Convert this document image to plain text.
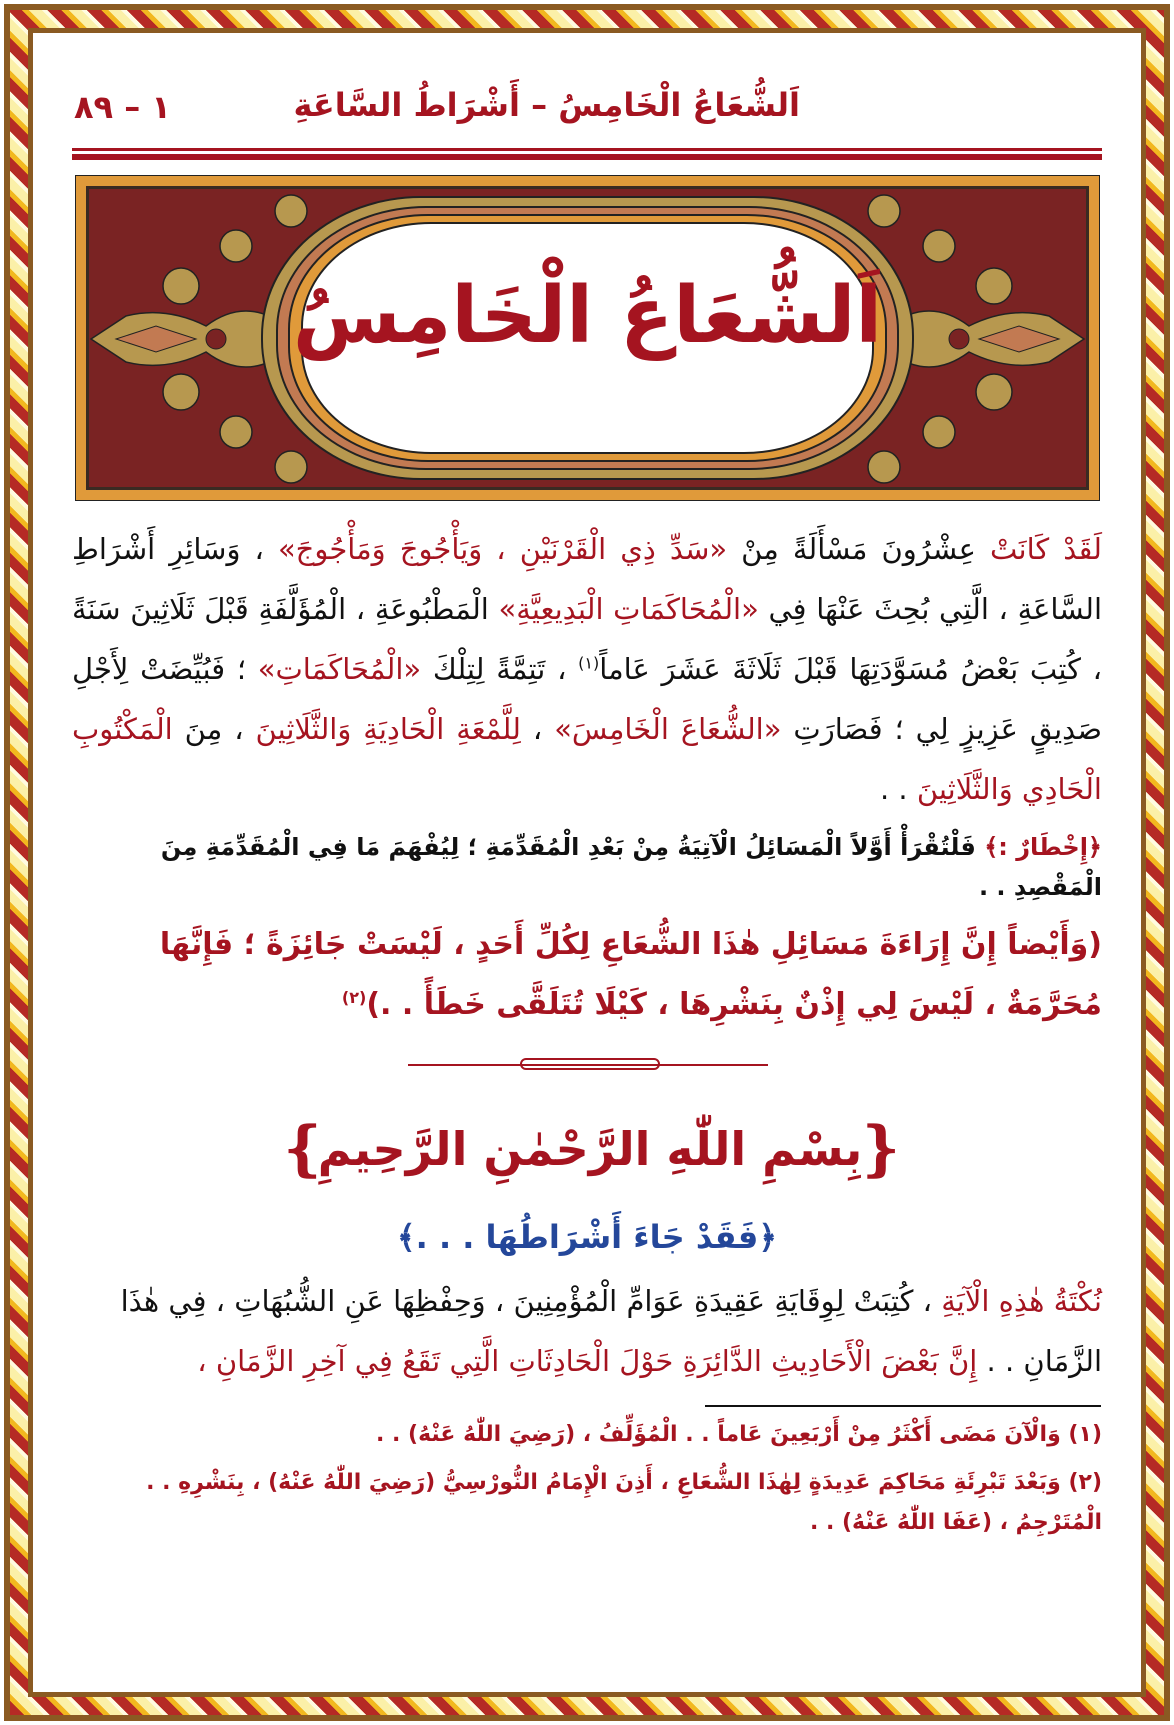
اَلشُّعَاعُ الْخَامِسُ – أَشْرَاطُ السَّاعَةِ
١ – ٨٩
اَلشُّعَاعُ الْخَامِسُ
لَقَدْ كَانَتْ عِشْرُونَ مَسْأَلَةً مِنْ «سَدِّ ذِي الْقَرْنَيْنِ ، وَيَأْجُوجَ وَمَأْجُوجَ» ، وَسَائِرِ أَشْرَاطِ السَّاعَةِ ، الَّتِي بُحِثَ عَنْهَا فِي «الْمُحَاكَمَاتِ الْبَدِيعِيَّةِ» الْمَطْبُوعَةِ ، الْمُؤَلَّفَةِ قَبْلَ ثَلَاثِينَ سَنَةً ، كُتِبَ بَعْضُ مُسَوَّدَتِهَا قَبْلَ ثَلَاثَةَ عَشَرَ عَاماً$^{(١)}$ ، تَتِمَّةً لِتِلْكَ «الْمُحَاكَمَاتِ» ؛ فَبُيِّضَتْ لِأَجْلِ صَدِيقٍ عَزِيزٍ لِي ؛ فَصَارَتِ «الشُّعَاعَ الْخَامِسَ» ، لِلَّمْعَةِ الْحَادِيَةِ وَالثَّلَاثِينَ ، مِنَ الْمَكْتُوبِ الْحَادِي وَالثَّلَاثِينَ . .
﴿إِخْطَارٌ :﴾ فَلْتُقْرَأْ أَوَّلاً الْمَسَائِلُ الْآتِيَةُ مِنْ بَعْدِ الْمُقَدِّمَةِ ؛ لِيُفْهَمَ مَا فِي الْمُقَدِّمَةِ مِنَ الْمَقْصِدِ . .
(وَأَيْضاً إِنَّ إِرَاءَةَ مَسَائِلِ هٰذَا الشُّعَاعِ لِكُلِّ أَحَدٍ ، لَيْسَتْ جَائِزَةً ؛ فَإِنَّهَا مُحَرَّمَةٌ ، لَيْسَ لِي إِذْنٌ بِنَشْرِهَا ، كَيْلَا تُتَلَقَّى خَطَأً . .)$^{(٢)}$
❴	❵
بِسْمِ اللّٰهِ الرَّحْمٰنِ الرَّحِيمِ
﴿فَقَدْ جَاءَ أَشْرَاطُهَا . . .﴾
نُكْتَةُ هٰذِهِ الْآيَةِ ، كُتِبَتْ لِوِقَايَةِ عَقِيدَةِ عَوَامِّ الْمُؤْمِنِينَ ، وَحِفْظِهَا عَنِ الشُّبُهَاتِ ، فِي هٰذَا الزَّمَانِ . . إِنَّ بَعْضَ الْأَحَادِيثِ الدَّائِرَةِ حَوْلَ الْحَادِثَاتِ الَّتِي تَقَعُ فِي آخِرِ الزَّمَانِ ،
(١) وَالْآنَ مَضَى أَكْثَرُ مِنْ أَرْبَعِينَ عَاماً . . الْمُؤَلِّفُ ، (رَضِيَ اللّٰهُ عَنْهُ) . .
(٢) وَبَعْدَ تَبْرِئَةِ مَحَاكِمَ عَدِيدَةٍ لِهٰذَا الشُّعَاعِ ، أَذِنَ الْإِمَامُ النُّورْسِيُّ (رَضِيَ اللّٰهُ عَنْهُ) ، بِنَشْرِهِ . . الْمُتَرْجِمُ ، (عَفَا اللّٰهُ عَنْهُ) . .
